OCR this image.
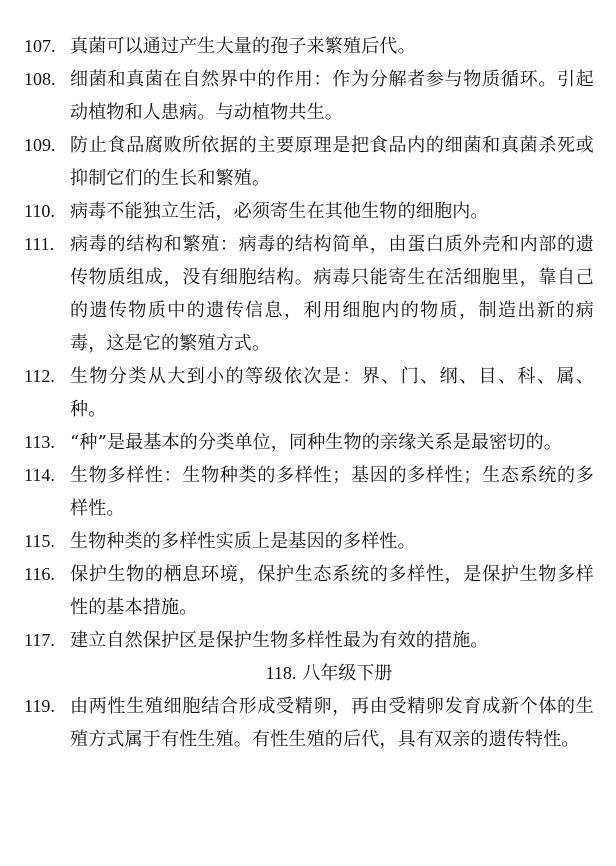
107. 真菌可以通过产生大量的孢子来繁殖后代。

108. 细菌和真菌在自然界中的作用：作为分解者参与物质循环。引起动植物和人患病。与动植物共生。

109. 防止食品腐败所依据的主要原理是把食品内的细菌和真菌杀死或抑制它们的生长和繁殖。

110. 病毒不能独立生活，必须寄生在其他生物的细胞内。

111. 病毒的结构和繁殖：病毒的结构简单，由蛋白质外壳和内部的遗传物质组成，没有细胞结构。病毒只能寄生在活细胞里，靠自己的遗传物质中的遗传信息，利用细胞内的物质，制造出新的病毒，这是它的繁殖方式。

112. 生物分类从大到小的等级依次是：界、门、纲、目、科、属、种。

113. “种”是最基本的分类单位，同种生物的亲缘关系是最密切的。

114. 生物多样性：生物种类的多样性；基因的多样性；生态系统的多样性。

115. 生物种类的多样性实质上是基因的多样性。

116. 保护生物的栖息环境，保护生态系统的多样性，是保护生物多样性的基本措施。

117. 建立自然保护区是保护生物多样性最为有效的措施。

118. 八年级下册

119. 由两性生殖细胞结合形成受精卵，再由受精卵发育成新个体的生殖方式属于有性生殖。有性生殖的后代，具有双亲的遗传特性。
